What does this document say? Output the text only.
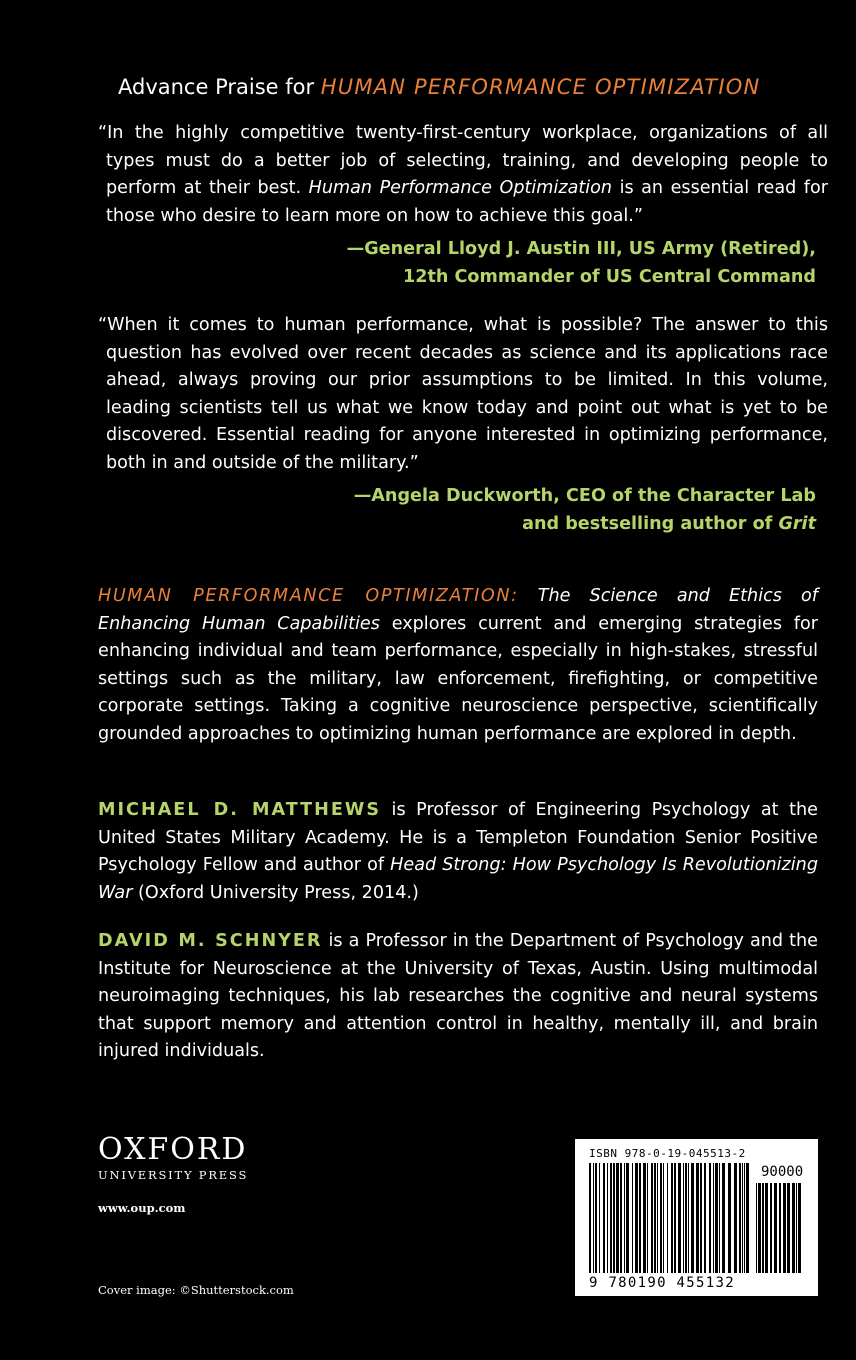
Advance Praise for HUMAN PERFORMANCE OPTIMIZATION
“In the highly competitive twenty-first-century workplace, organizations of all types must do a better job of selecting, training, and developing people to perform at their best. Human Performance Optimization is an essential read for those who desire to learn more on how to achieve this goal.”
—General Lloyd J. Austin III, US Army (Retired),
12th Commander of US Central Command
“When it comes to human performance, what is possible? The answer to this question has evolved over recent decades as science and its applications race ahead, always proving our prior assumptions to be limited. In this volume, leading scientists tell us what we know today and point out what is yet to be discovered. Essential reading for anyone interested in optimizing performance, both in and outside of the military.”
—Angela Duckworth, CEO of the Character Lab
and bestselling author of Grit
HUMAN PERFORMANCE OPTIMIZATION: The Science and Ethics of Enhancing Human Capabilities explores current and emerging strategies for enhancing individual and team performance, especially in high-stakes, stressful settings such as the military, law enforcement, firefighting, or competitive corporate settings. Taking a cognitive neuroscience perspective, scientifically grounded approaches to optimizing human performance are explored in depth.
MICHAEL D. MATTHEWS is Professor of Engineering Psychology at the United States Military Academy. He is a Templeton Foundation Senior Positive Psychology Fellow and author of Head Strong: How Psychology Is Revolutionizing War (Oxford University Press, 2014.)
DAVID M. SCHNYER is a Professor in the Department of Psychology and the Institute for Neuroscience at the University of Texas, Austin. Using multimodal neuroimaging techniques, his lab researches the cognitive and neural systems that support memory and attention control in healthy, mentally ill, and brain injured individuals.
OXFORD
UNIVERSITY PRESS
www.oup.com
Cover image: ©Shutterstock.com
ISBN 978-0-19-045513-2
90000
9 780190 455132
